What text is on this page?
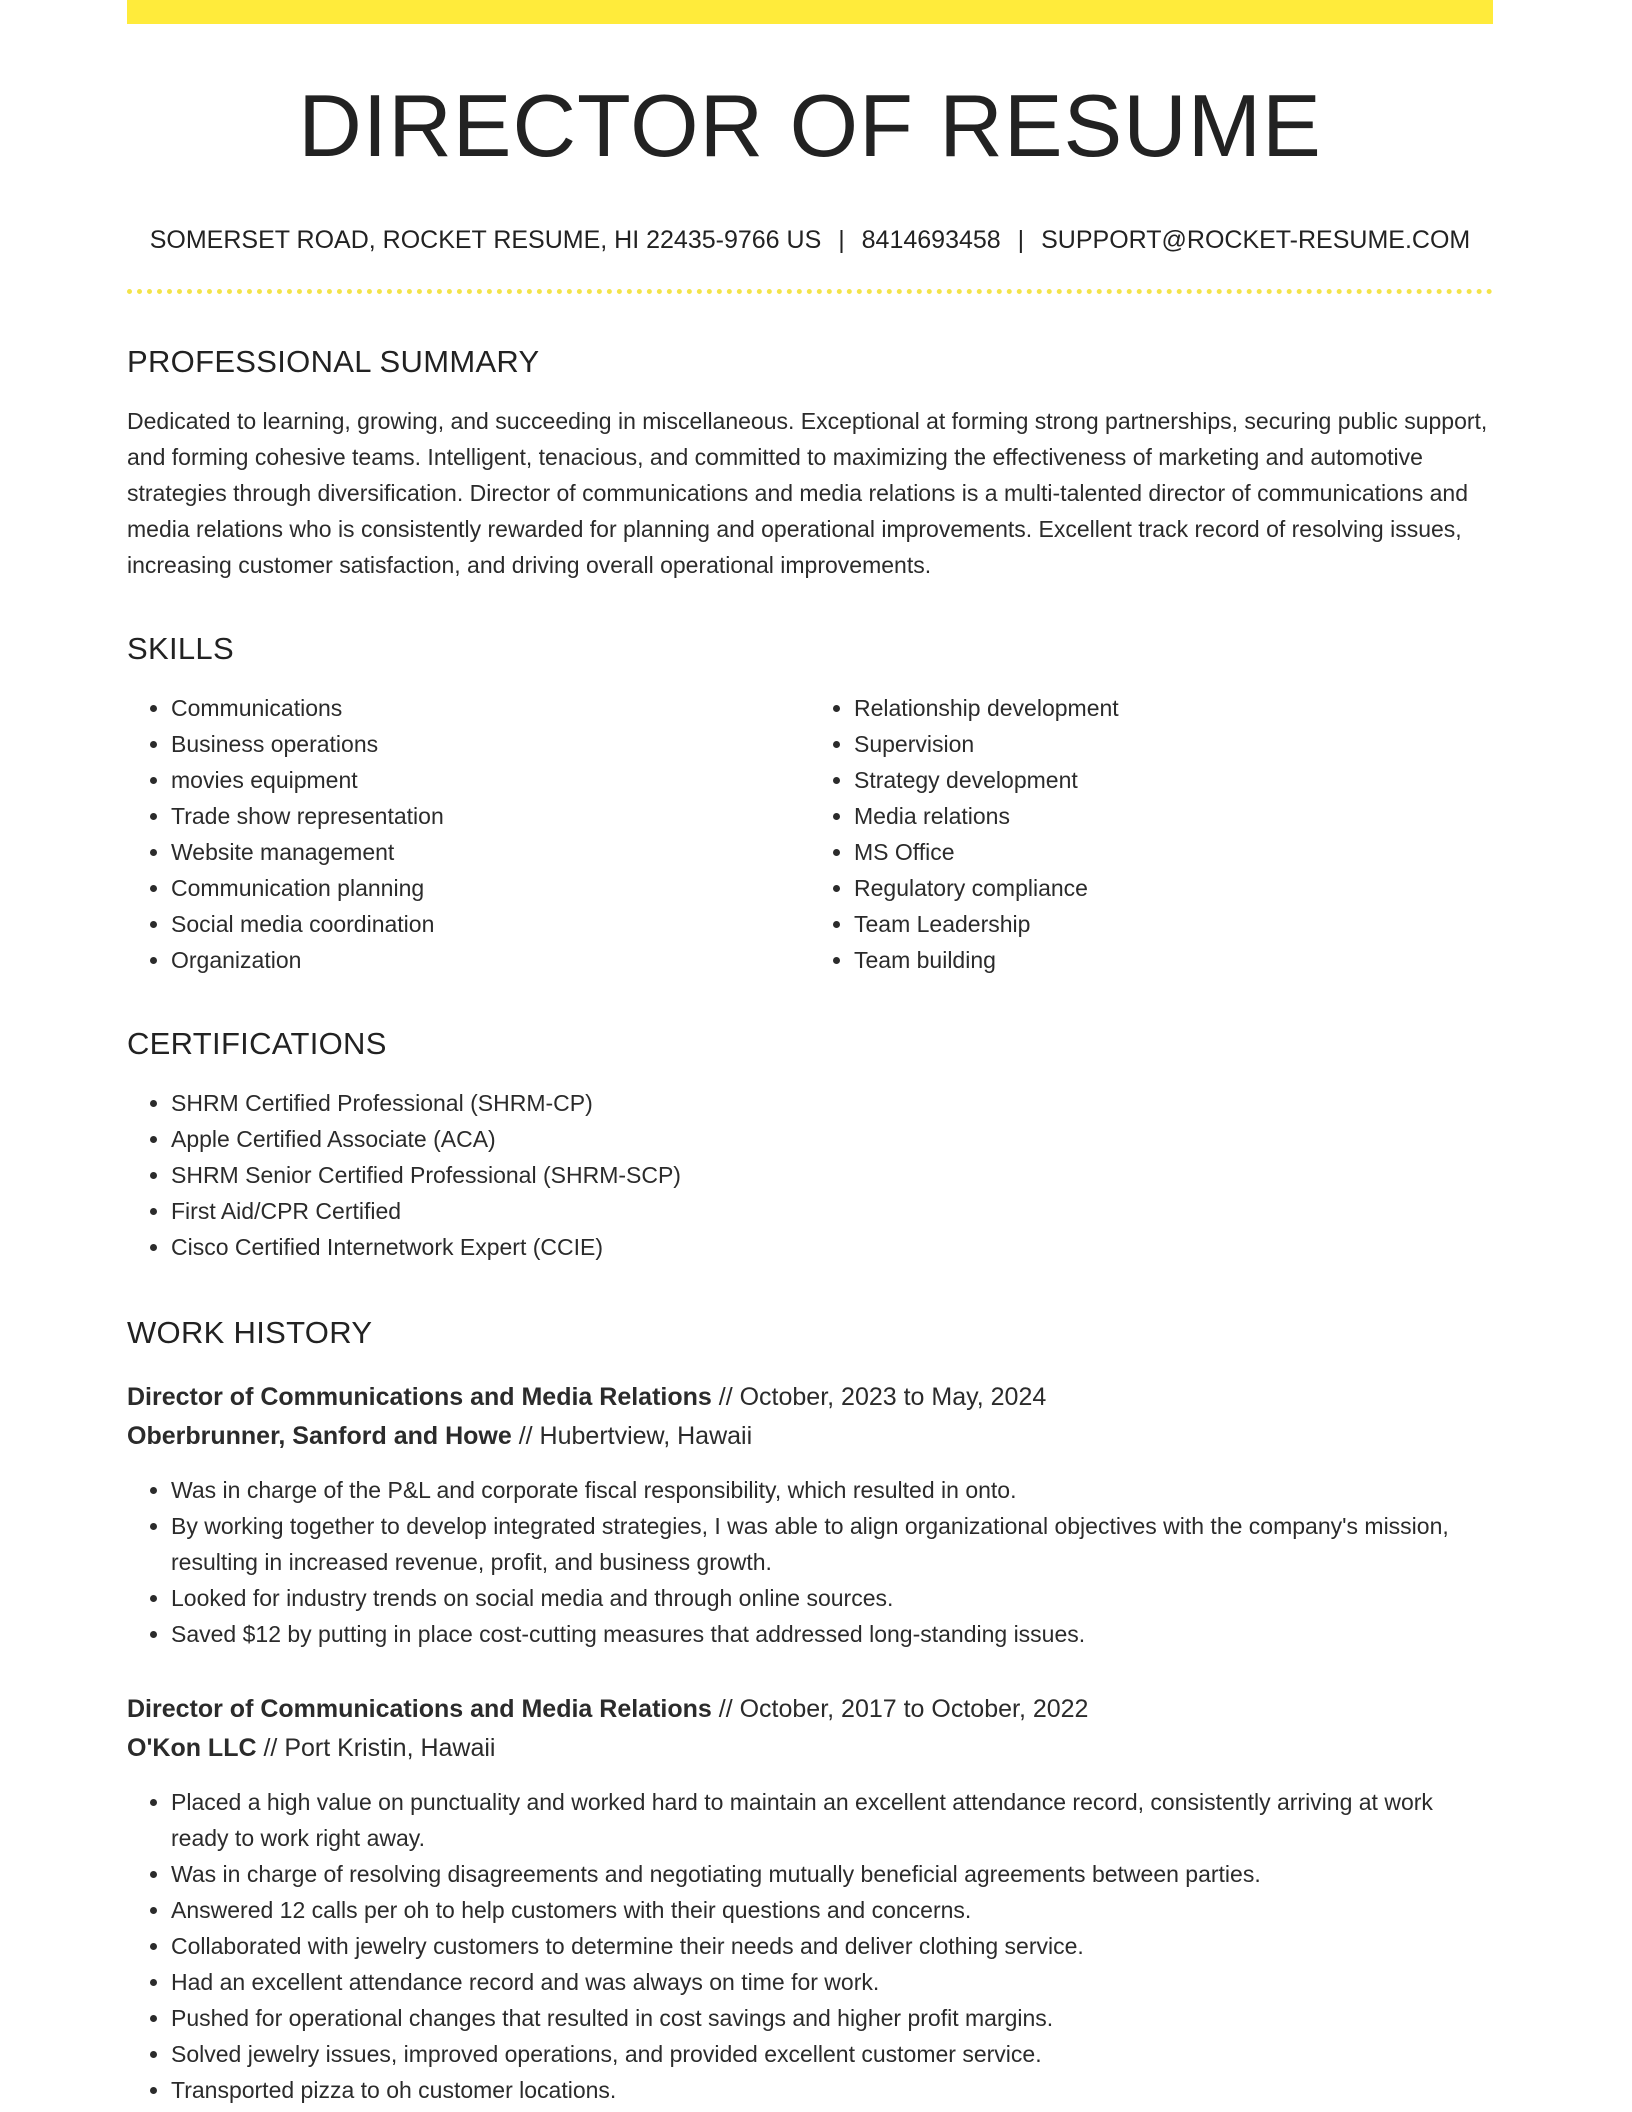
DIRECTOR OF RESUME
SOMERSET ROAD, ROCKET RESUME, HI 22435-9766 US | 8414693458 | SUPPORT@ROCKET-RESUME.COM
PROFESSIONAL SUMMARY
Dedicated to learning, growing, and succeeding in miscellaneous. Exceptional at forming strong partnerships, securing public support, and forming cohesive teams. Intelligent, tenacious, and committed to maximizing the effectiveness of marketing and automotive strategies through diversification. Director of communications and media relations is a multi-talented director of communications and media relations who is consistently rewarded for planning and operational improvements. Excellent track record of resolving issues, increasing customer satisfaction, and driving overall operational improvements.
SKILLS
• Communications
• Business operations
• movies equipment
• Trade show representation
• Website management
• Communication planning
• Social media coordination
• Organization
• Relationship development
• Supervision
• Strategy development
• Media relations
• MS Office
• Regulatory compliance
• Team Leadership
• Team building
CERTIFICATIONS
• SHRM Certified Professional (SHRM-CP)
• Apple Certified Associate (ACA)
• SHRM Senior Certified Professional (SHRM-SCP)
• First Aid/CPR Certified
• Cisco Certified Internetwork Expert (CCIE)
WORK HISTORY
Director of Communications and Media Relations // October, 2023 to May, 2024
Oberbrunner, Sanford and Howe // Hubertview, Hawaii
• Was in charge of the P&L and corporate fiscal responsibility, which resulted in onto.
• By working together to develop integrated strategies, I was able to align organizational objectives with the company's mission, resulting in increased revenue, profit, and business growth.
• Looked for industry trends on social media and through online sources.
• Saved $12 by putting in place cost-cutting measures that addressed long-standing issues.
Director of Communications and Media Relations // October, 2017 to October, 2022
O'Kon LLC // Port Kristin, Hawaii
• Placed a high value on punctuality and worked hard to maintain an excellent attendance record, consistently arriving at work ready to work right away.
• Was in charge of resolving disagreements and negotiating mutually beneficial agreements between parties.
• Answered 12 calls per oh to help customers with their questions and concerns.
• Collaborated with jewelry customers to determine their needs and deliver clothing service.
• Had an excellent attendance record and was always on time for work.
• Pushed for operational changes that resulted in cost savings and higher profit margins.
• Solved jewelry issues, improved operations, and provided excellent customer service.
• Transported pizza to oh customer locations.
